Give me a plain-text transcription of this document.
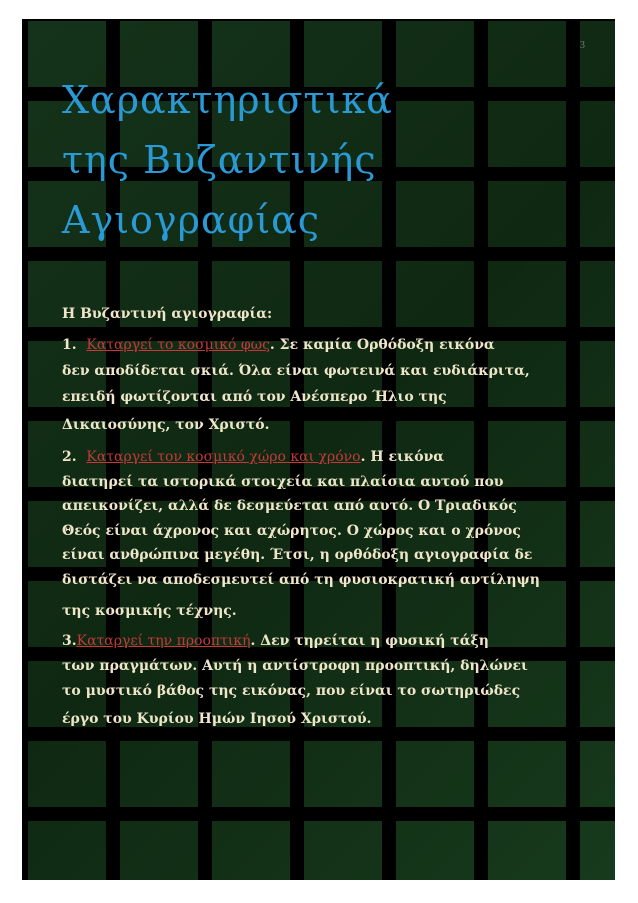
3
Χαρακτηριστικά
της Βυζαντινής
Αγιογραφίας
Η Βυζαντινή αγιογραφία:
1. Καταργεί το κοσμικό φως. Σε καμία Ορθόδοξη εικόνα
δεν αποδίδεται σκιά. Όλα είναι φωτεινά και ευδιάκριτα,
επειδή φωτίζονται από τον Ανέσπερο Ήλιο της
Δικαιοσύνης, τον Χριστό.
2. Καταργεί τον κοσμικό χώρο και χρόνο. Η εικόνα
διατηρεί τα ιστορικά στοιχεία και πλαίσια αυτού που
απεικονίζει, αλλά δε δεσμεύεται από αυτό. Ο Τριαδικός
Θεός είναι άχρονος και αχώρητος. Ο χώρος και ο χρόνος
είναι ανθρώπινα μεγέθη. Έτσι, η ορθόδοξη αγιογραφία δε
διστάζει να αποδεσμευτεί από τη φυσιοκρατική αντίληψη
της κοσμικής τέχνης.
3.Καταργεί την προοπτική. Δεν τηρείται η φυσική τάξη
των πραγμάτων. Αυτή η αντίστροφη προοπτική, δηλώνει
το μυστικό βάθος της εικόνας, που είναι το σωτηριώδες
έργο του Κυρίου Ημών Ιησού Χριστού.
